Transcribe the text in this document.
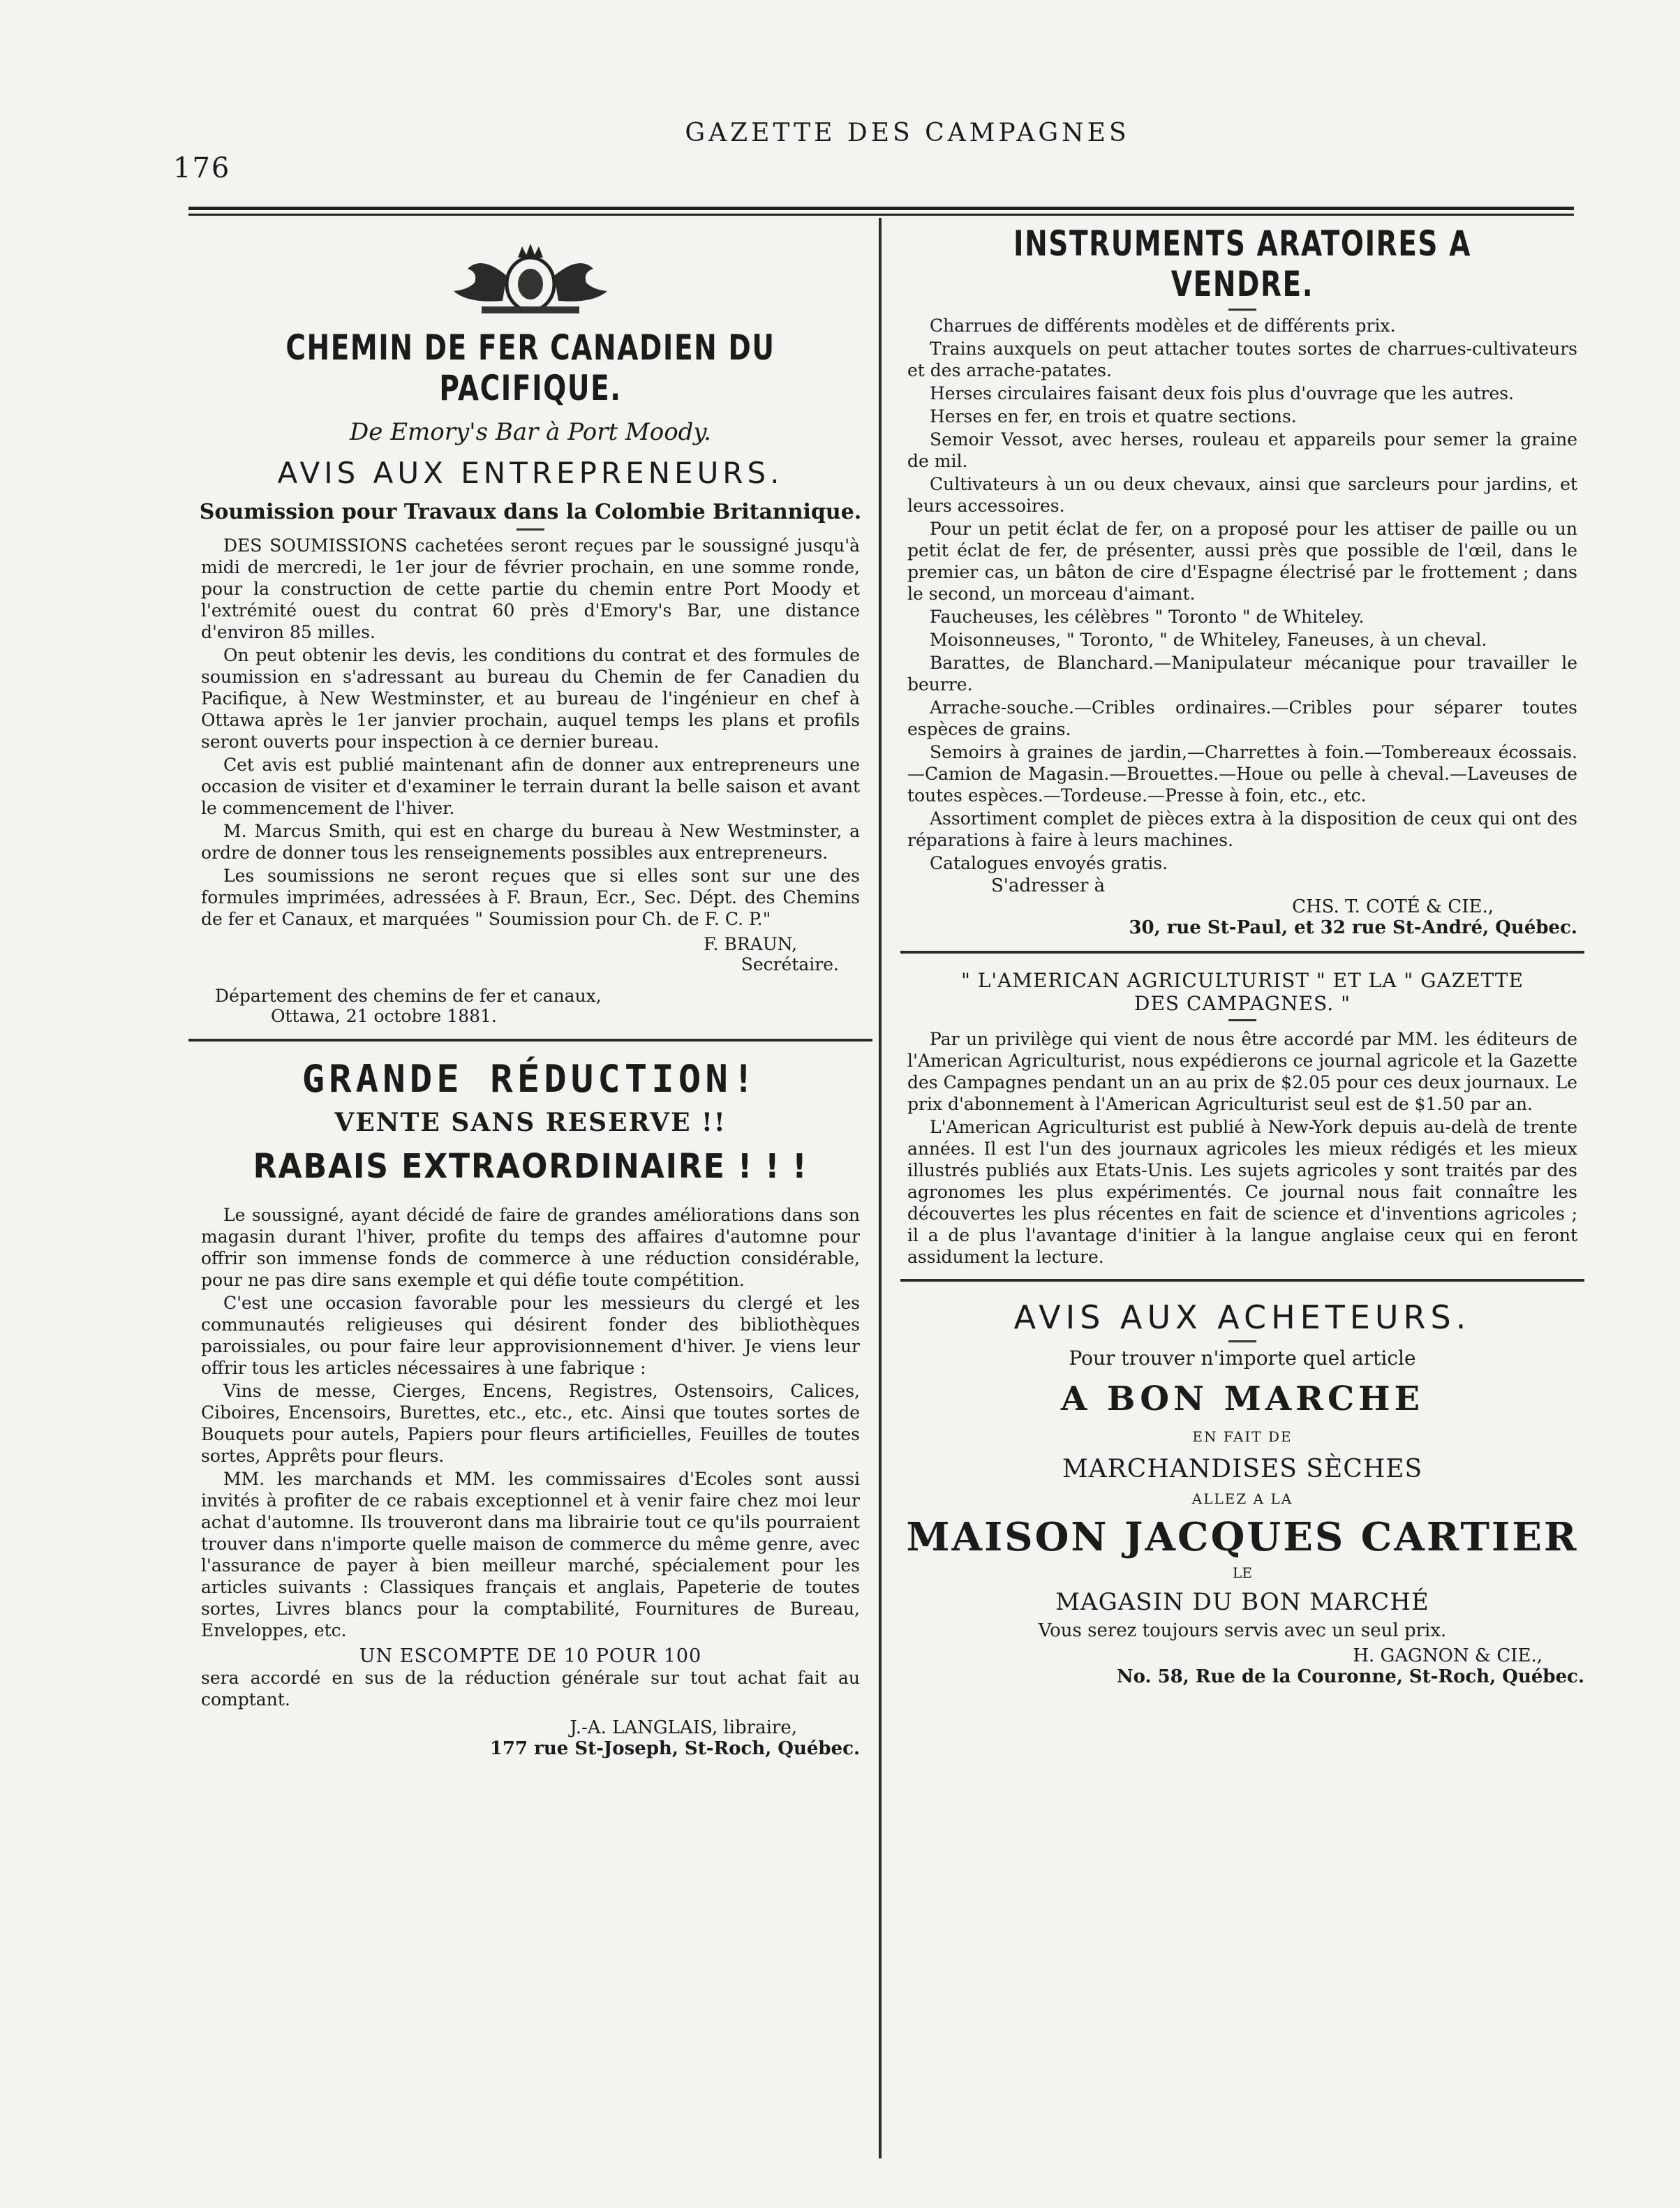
176
GAZETTE DES CAMPAGNES
CHEMIN DE FER CANADIEN DU PACIFIQUE.
De Emory's Bar à Port Moody.
AVIS AUX ENTREPRENEURS.
Soumission pour Travaux dans la Colombie Britannique.

DES SOUMISSIONS cachetées seront reçues par le soussigné jusqu'à midi de mercredi, le 1er jour de février prochain, en une somme ronde, pour la construction de cette partie du chemin entre Port Moody et l'extrémité ouest du contrat 60 près d'Emory's Bar, une distance d'environ 85 milles.

On peut obtenir les devis, les conditions du contrat et des formules de soumission en s'adressant au bureau du Chemin de fer Canadien du Pacifique, à New Westminster, et au bureau de l'ingénieur en chef à Ottawa après le 1er janvier prochain, auquel temps les plans et profils seront ouverts pour inspection à ce dernier bureau.

Cet avis est publié maintenant afin de donner aux entrepreneurs une occasion de visiter et d'examiner le terrain durant la belle saison et avant le commencement de l'hiver.

M. Marcus Smith, qui est en charge du bureau à New Westminster, a ordre de donner tous les renseignements possibles aux entrepreneurs.

Les soumissions ne seront reçues que si elles sont sur une des formules imprimées, adressées à F. Braun, Ecr., Sec. Dépt. des Chemins de fer et Canaux, et marquées " Soumission pour Ch. de F. C. P."

F. BRAUN,
Secrétaire.
Département des chemins de fer et canaux,
Ottawa, 21 octobre 1881.
GRANDE RÉDUCTION!
VENTE SANS RESERVE !!
RABAIS EXTRAORDINAIRE ! ! !

Le soussigné, ayant décidé de faire de grandes améliorations dans son magasin durant l'hiver, profite du temps des affaires d'automne pour offrir son immense fonds de commerce à une réduction considérable, pour ne pas dire sans exemple et qui défie toute compétition.

C'est une occasion favorable pour les messieurs du clergé et les communautés religieuses qui désirent fonder des bibliothèques paroissiales, ou pour faire leur approvisionnement d'hiver. Je viens leur offrir tous les articles nécessaires à une fabrique :

Vins de messe, Cierges, Encens, Registres, Ostensoirs, Calices, Ciboires, Encensoirs, Burettes, etc., etc., etc. Ainsi que toutes sortes de Bouquets pour autels, Papiers pour fleurs artificielles, Feuilles de toutes sortes, Apprêts pour fleurs.

MM. les marchands et MM. les commissaires d'Ecoles sont aussi invités à profiter de ce rabais exceptionnel et à venir faire chez moi leur achat d'automne. Ils trouveront dans ma librairie tout ce qu'ils pourraient trouver dans n'importe quelle maison de commerce du même genre, avec l'assurance de payer à bien meilleur marché, spécialement pour les articles suivants : Classiques français et anglais, Papeterie de toutes sortes, Livres blancs pour la comptabilité, Fournitures de Bureau, Enveloppes, etc.

UN ESCOMPTE DE 10 POUR 100

sera accordé en sus de la réduction générale sur tout achat fait au comptant.

J.-A. LANGLAIS, libraire,
177 rue St-Joseph, St-Roch, Québec.
INSTRUMENTS ARATOIRES A VENDRE.

Charrues de différents modèles et de différents prix.

Trains auxquels on peut attacher toutes sortes de charrues-cultivateurs et des arrache-patates.

Herses circulaires faisant deux fois plus d'ouvrage que les autres.

Herses en fer, en trois et quatre sections.

Semoir Vessot, avec herses, rouleau et appareils pour semer la graine de mil.

Cultivateurs à un ou deux chevaux, ainsi que sarcleurs pour jardins, et leurs accessoires.

Pour un petit éclat de fer, on a proposé pour les attiser de paille ou un petit éclat de fer, de présenter, aussi près que possible de l'œil, dans le premier cas, un bâton de cire d'Espagne électrisé par le frottement ; dans le second, un morceau d'aimant.

Faucheuses, les célèbres " Toronto " de Whiteley.

Moisonneuses, " Toronto, " de Whiteley, Faneuses, à un cheval.

Barattes, de Blanchard.—Manipulateur mécanique pour travailler le beurre.

Arrache-souche.—Cribles ordinaires.—Cribles pour séparer toutes espèces de grains.

Semoirs à graines de jardin,—Charrettes à foin.—Tombereaux écossais.—Camion de Magasin.—Brouettes.—Houe ou pelle à cheval.—Laveuses de toutes espèces.—Tordeuse.—Presse à foin, etc., etc.

Assortiment complet de pièces extra à la disposition de ceux qui ont des réparations à faire à leurs machines.

Catalogues envoyés gratis.

S'adresser à
CHS. T. COTÉ & CIE.,
30, rue St-Paul, et 32 rue St-André, Québec.
" L'AMERICAN AGRICULTURIST " ET LA " GAZETTE
DES CAMPAGNES. "

Par un privilège qui vient de nous être accordé par MM. les éditeurs de l'American Agriculturist, nous expédierons ce journal agricole et la Gazette des Campagnes pendant un an au prix de $2.05 pour ces deux journaux. Le prix d'abonnement à l'American Agriculturist seul est de $1.50 par an.

L'American Agriculturist est publié à New-York depuis au-delà de trente années. Il est l'un des journaux agricoles les mieux rédigés et les mieux illustrés publiés aux Etats-Unis. Les sujets agricoles y sont traités par des agronomes les plus expérimentés. Ce journal nous fait connaître les découvertes les plus récentes en fait de science et d'inventions agricoles ; il a de plus l'avantage d'initier à la langue anglaise ceux qui en feront assidument la lecture.

AVIS AUX ACHETEURS.
Pour trouver n'importe quel article
A BON MARCHE
EN FAIT DE
MARCHANDISES SÈCHES
ALLEZ A LA
MAISON JACQUES CARTIER
LE
MAGASIN DU BON MARCHÉ
Vous serez toujours servis avec un seul prix.
H. GAGNON & CIE.,
No. 58, Rue de la Couronne, St-Roch, Québec.
